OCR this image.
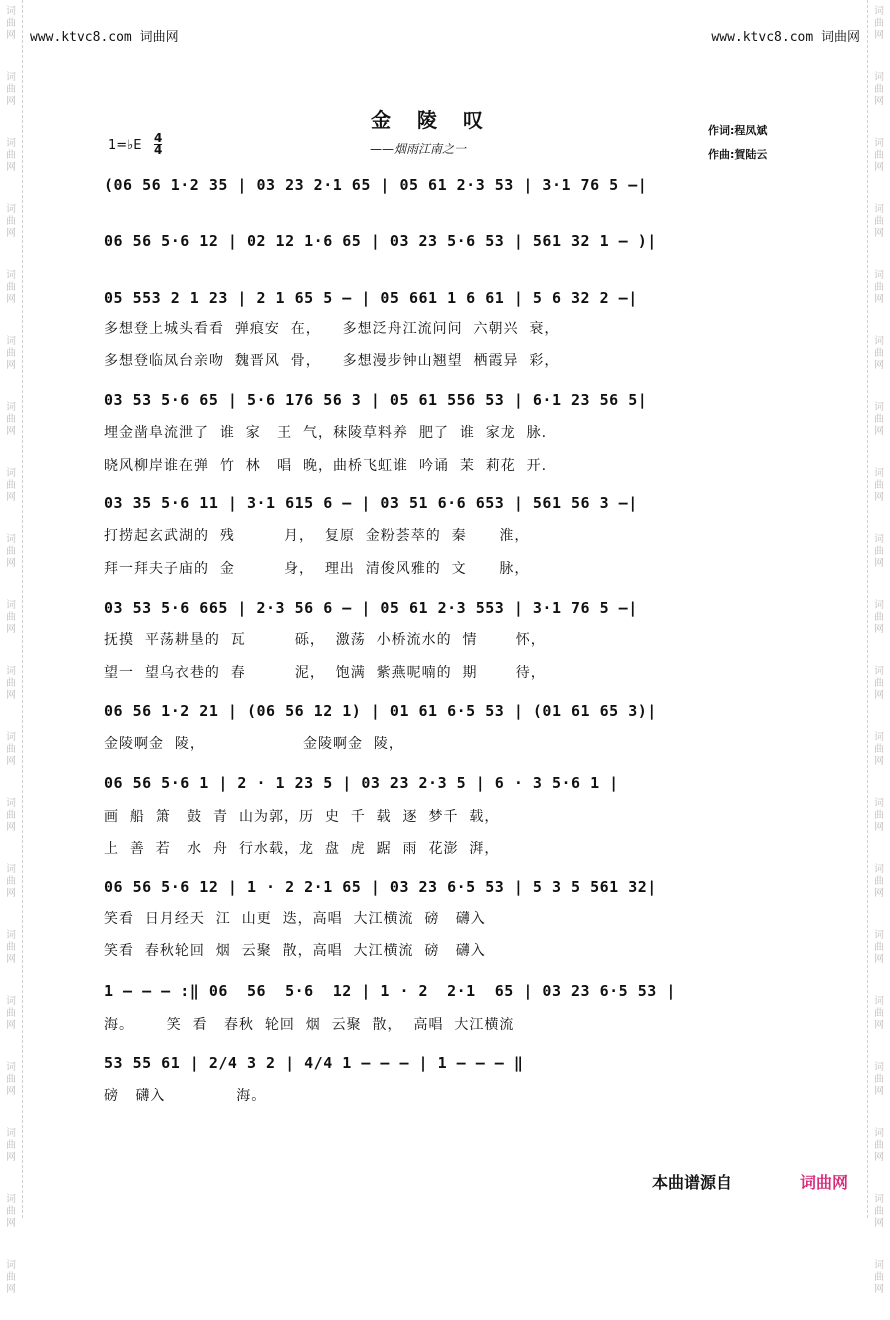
词
曲
网
词
曲
网
词
曲
网
词
曲
网
词
曲
网
词
曲
网
词
曲
网
词
曲
网
词
曲
网
词
曲
网
词
曲
网
词
曲
网
词
曲
网
词
曲
网
词
曲
网
词
曲
网
词
曲
网
词
曲
网
词
曲
网
词
曲
网
词
曲
网
词
曲
网
词
曲
网
词
曲
网
词
曲
网
词
曲
网
词
曲
网
词
曲
网
词
曲
网
词
曲
网
词
曲
网
词
曲
网
词
曲
网
词
曲
网
词
曲
网
词
曲
网
词
曲
网
词
曲
网
词
曲
网
词
曲
网
www.ktvc8.com 词曲网	www.ktvc8.com 词曲网
金陵叹
——烟雨江南之一
作词:程凤斌
作曲:賀陆云
1=♭E 4
4
(06 56 1·2 35 | 03 23 2·1 65 | 05 61 2·3 53 | 3·1 76 5 —|
06 56 5·6 12 | 02 12 1·6 65 | 03 23 5·6 53 | 561 32 1 — )|
05 553 2 1 23 | 2 1 65 5 — | 05 661 1 6 61 | 5 6 32 2 —|
多想登上城头看看  弹痕安  在，    多想泛舟江流问问  六朝兴  衰，
多想登临凤台亲吻  魏晋风  骨，    多想漫步钟山翘望  栖霞异  彩，
03 53 5·6 65 | 5·6 176 56 3 | 05 61 556 53 | 6·1 23 56 5|
埋金凿阜流泄了  谁  家   王  气，秣陵草料养  肥了  谁  家龙  脉.
晓风柳岸谁在弹  竹  林   唱  晚，曲桥飞虹谁  吟诵  茉  莉花  开.
03 35 5·6 11 | 3·1 615 6 — | 03 51 6·6 653 | 561 56 3 —|
打捞起玄武湖的  残         月，  复原  金粉荟萃的  秦      淮，
拜一拜夫子庙的  金         身，  理出  清俊风雅的  文      脉，
03 53 5·6 665 | 2·3 56 6 — | 05 61 2·3 553 | 3·1 76 5 —|
抚摸  平荡耕垦的  瓦         砾，  激荡  小桥流水的  情       怀，
望一  望乌衣巷的  春         泥，  饱满  紫燕呢喃的  期       待，
06 56 1·2 21 | (06 56 12 1) | 01 61 6·5 53 | (01 61 65 3)|
金陵啊金  陵，                  金陵啊金  陵，
06 56 5·6 1 | 2 · 1 23 5 | 03 23 2·3 5 | 6 · 3 5·6 1 |
画  船  箫   鼓  青  山为郭，历  史  千  载  逐  梦千  载，
上  善  若   水  舟  行水载，龙  盘  虎  踞  雨  花澎  湃，
06 56 5·6 12 | 1 · 2 2·1 65 | 03 23 6·5 53 | 5 3 5 561 32|
笑看  日月经天  江  山更  迭，高唱  大江横流  磅   礴入
笑看  春秋轮回  烟  云聚  散，高唱  大江横流  磅   礴入
1 — — — :‖ 06  56  5·6  12 | 1 · 2  2·1  65 | 03 23 6·5 53 |
海。      笑  看   春秋  轮回  烟  云聚  散，  高唱  大江横流
53 55 61 | 2/4 3 2 | 4/4 1 — — — | 1 — — — ‖
磅   礴入             海。
本曲谱源自	词曲网
